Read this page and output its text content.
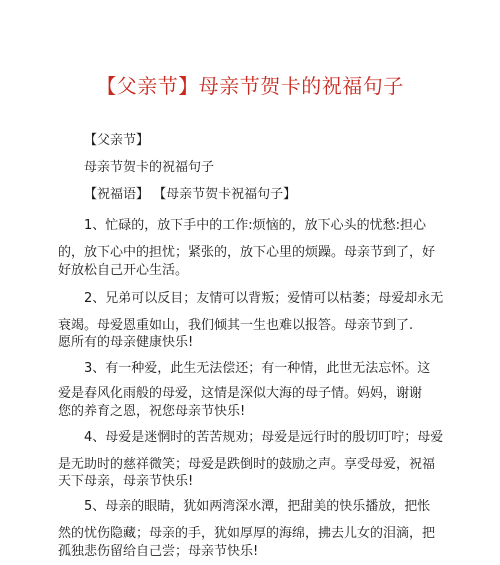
【父亲节】母亲节贺卡的祝福句子
【父亲节】
母亲节贺卡的祝福句子
【祝福语】 【母亲节贺卡祝福句子】
1、忙碌的，放下手中的工作:烦恼的，放下心头的忧愁:担心
的，放下心中的担忧；紧张的，放下心里的烦躁。母亲节到了，好
好放松自己开心生活。
2、兄弟可以反目；友情可以背叛；爱情可以枯萎；母爱却永无
衰竭。母爱恩重如山，我们倾其一生也难以报答。母亲节到了.
愿所有的母亲健康快乐!
3、有一种爱，此生无法偿还；有一种情，此世无法忘怀。这
爱是春风化雨般的母爱，这情是深似大海的母子情。妈妈，谢谢
您的养育之恩，祝您母亲节快乐!
4、母爱是迷惘时的苦苦规劝；母爱是远行时的殷切叮咛；母爱
是无助时的慈祥微笑；母爱是跌倒时的鼓励之声。享受母爱，祝福
天下母亲，母亲节快乐!
5、母亲的眼睛，犹如两湾深水潭，把甜美的快乐播放，把怅
然的忧伤隐藏；母亲的手，犹如厚厚的海绵，拂去儿女的泪滴，把
孤独悲伤留给自己尝；母亲节快乐!
